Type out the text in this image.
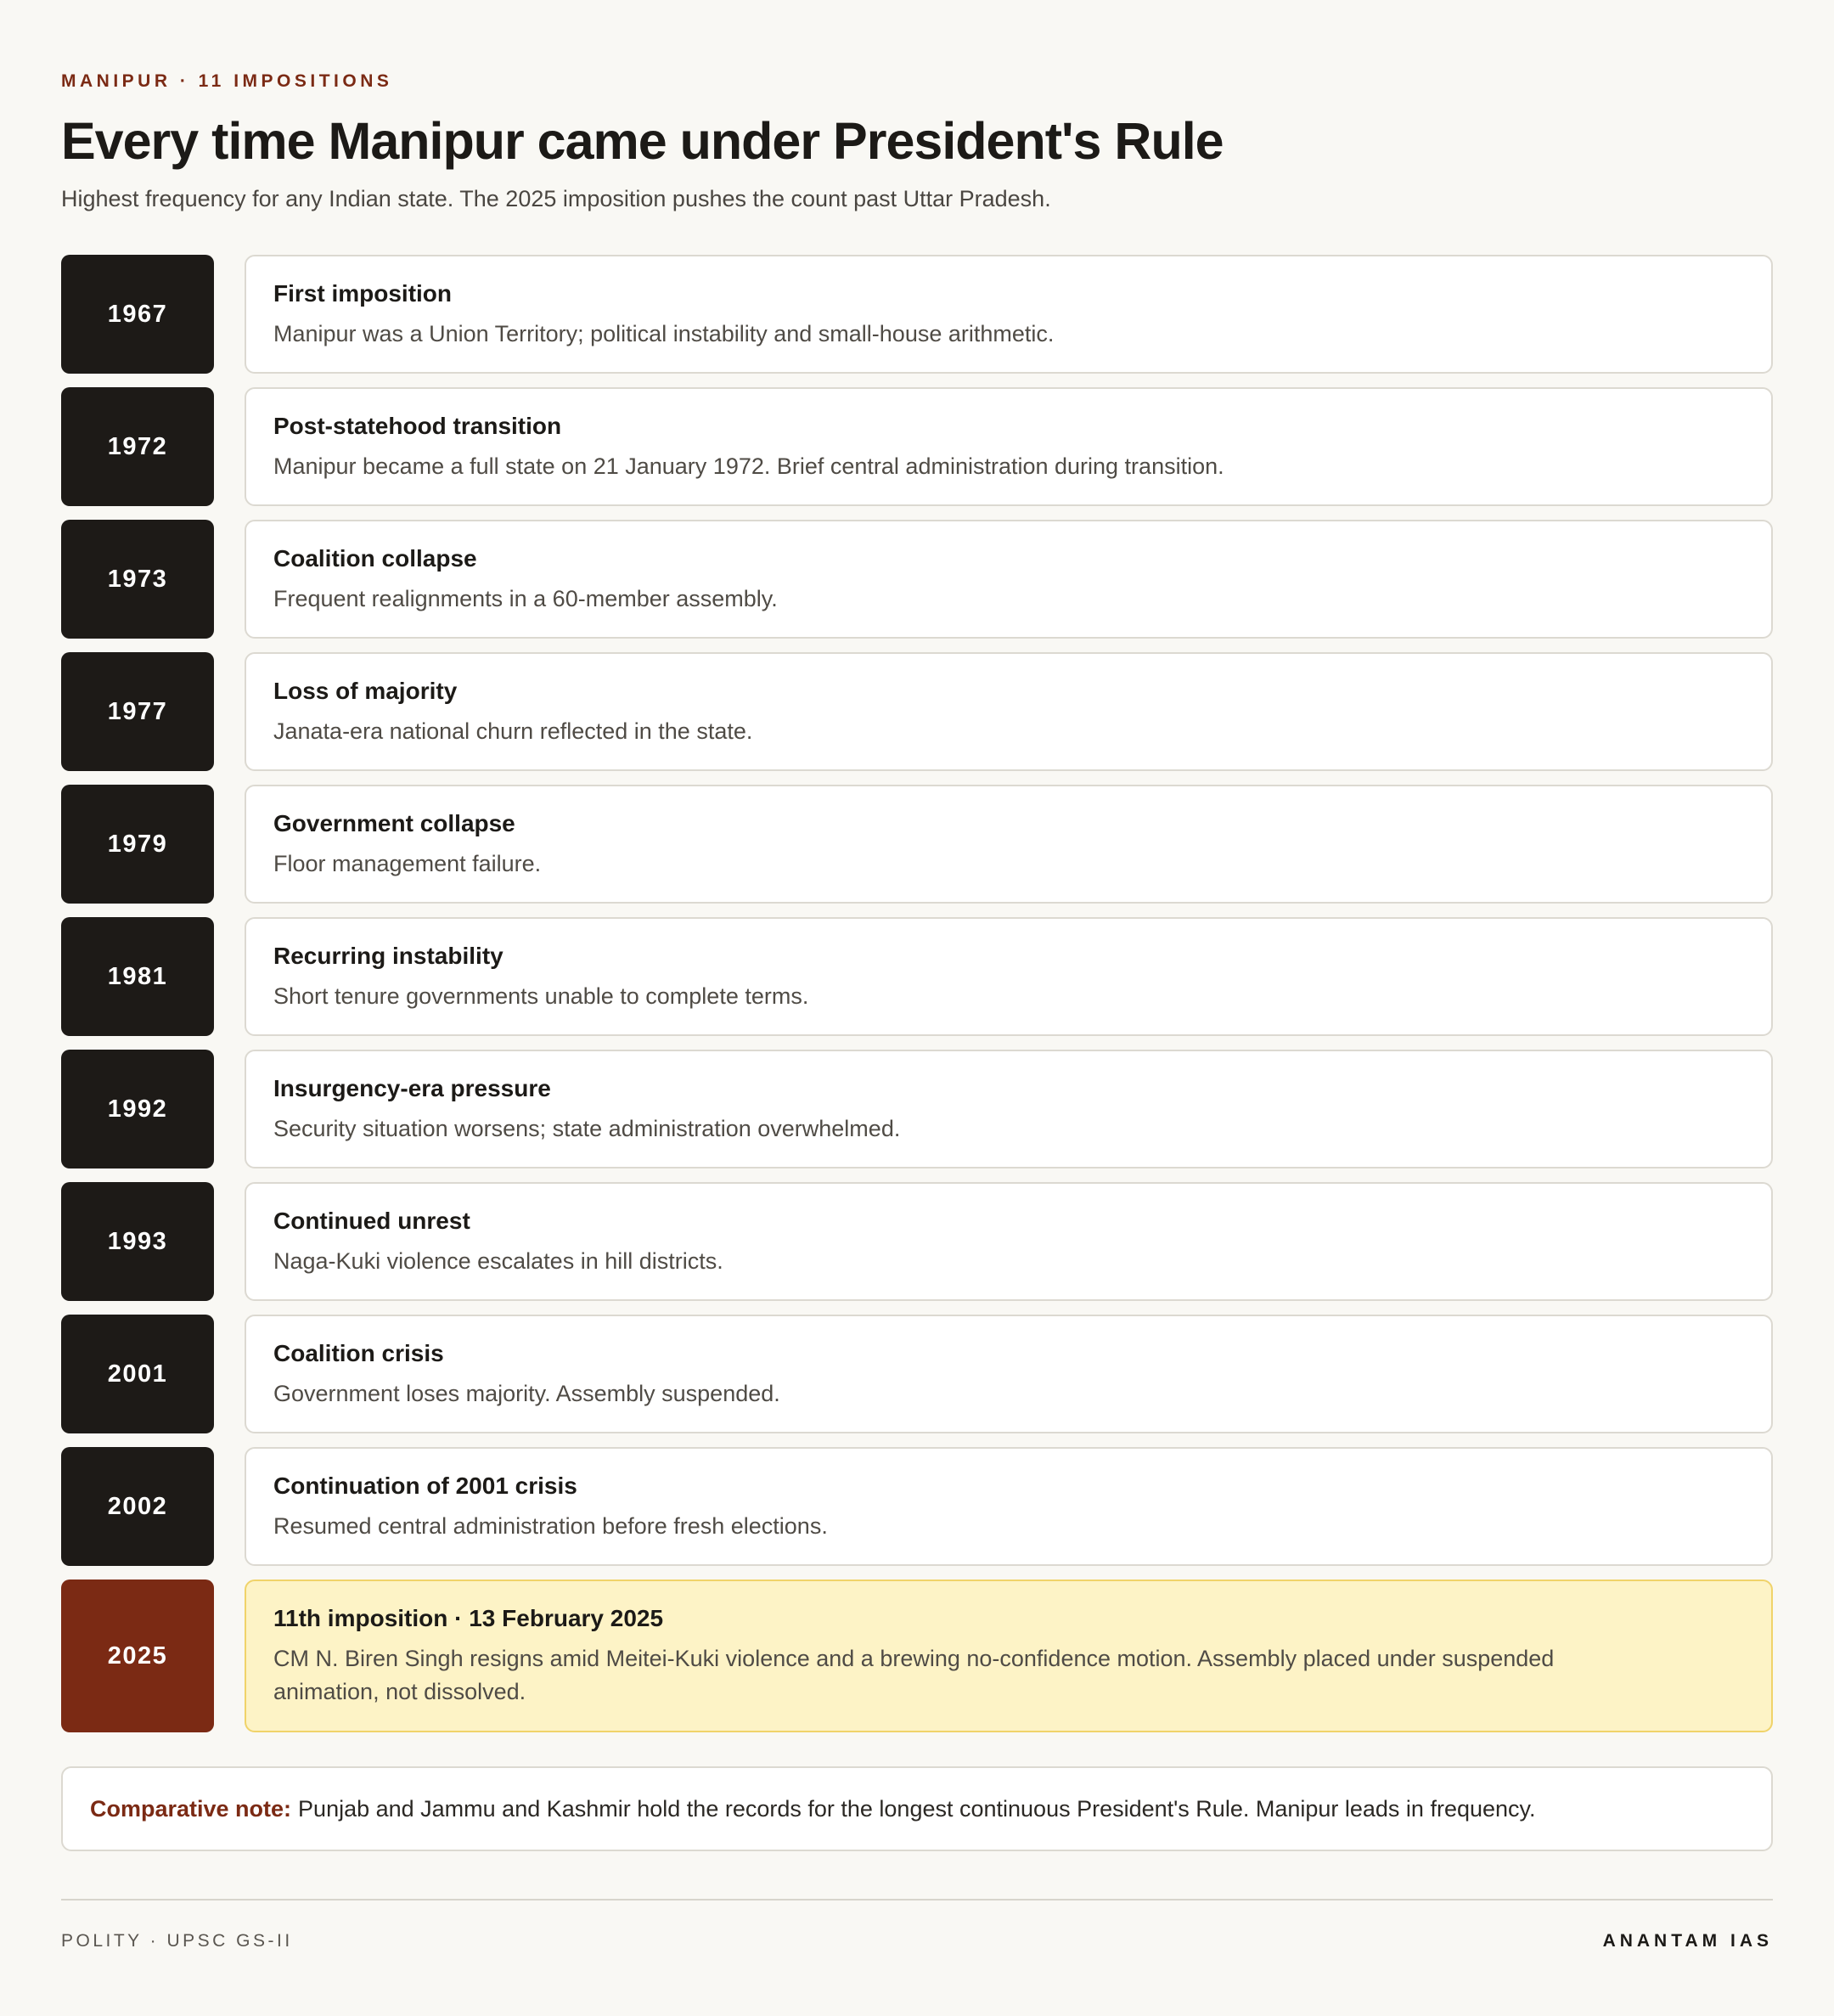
MANIPUR · 11 IMPOSITIONS
Every time Manipur came under President's Rule
Highest frequency for any Indian state. The 2025 imposition pushes the count past Uttar Pradesh.
1967
First imposition
Manipur was a Union Territory; political instability and small-house arithmetic.
1972
Post-statehood transition
Manipur became a full state on 21 January 1972. Brief central administration during transition.
1973
Coalition collapse
Frequent realignments in a 60-member assembly.
1977
Loss of majority
Janata-era national churn reflected in the state.
1979
Government collapse
Floor management failure.
1981
Recurring instability
Short tenure governments unable to complete terms.
1992
Insurgency-era pressure
Security situation worsens; state administration overwhelmed.
1993
Continued unrest
Naga-Kuki violence escalates in hill districts.
2001
Coalition crisis
Government loses majority. Assembly suspended.
2002
Continuation of 2001 crisis
Resumed central administration before fresh elections.
2025
11th imposition · 13 February 2025
CM N. Biren Singh resigns amid Meitei-Kuki violence and a brewing no-confidence motion. Assembly placed under suspended animation, not dissolved.
Comparative note: Punjab and Jammu and Kashmir hold the records for the longest continuous President's Rule. Manipur leads in frequency.
POLITY · UPSC GS-II	ANANTAM IAS
